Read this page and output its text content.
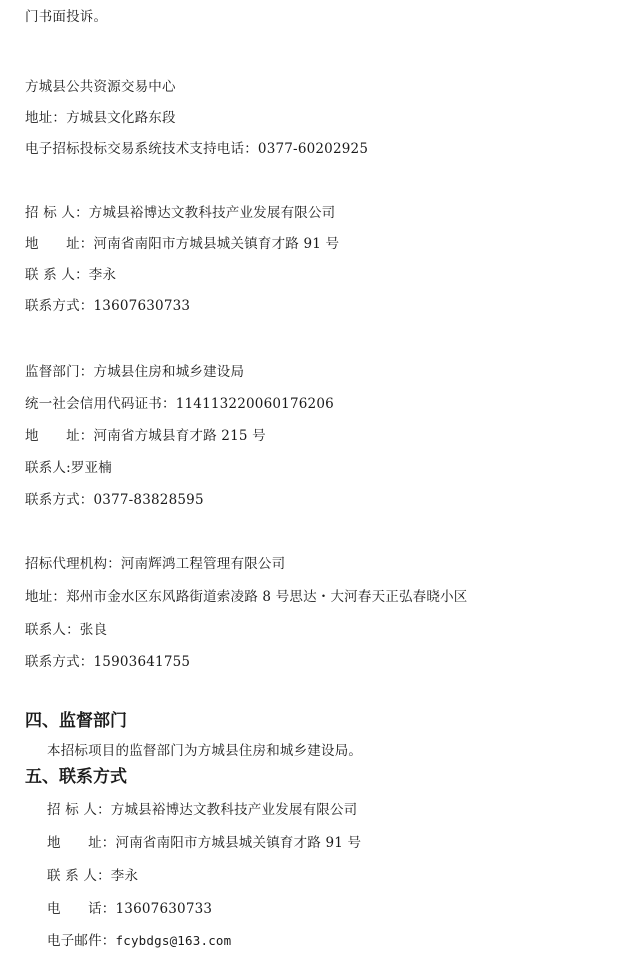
门书面投诉。
方城县公共资源交易中心
地址：方城县文化路东段
电子招标投标交易系统技术支持电话：0377-60202925
招 标 人：方城县裕博达文教科技产业发展有限公司
地　　址：河南省南阳市方城县城关镇育才路 91 号
联 系 人：李永
联系方式：13607630733
监督部门：方城县住房和城乡建设局
统一社会信用代码证书：114113220060176206
地　　址：河南省方城县育才路 215 号
联系人:罗亚楠
联系方式：0377-83828595
招标代理机构：河南辉鸿工程管理有限公司
地址：郑州市金水区东风路街道索凌路 8 号思达・大河春天正弘春晓小区
联系人：张良
联系方式：15903641755
四、监督部门
本招标项目的监督部门为方城县住房和城乡建设局。
五、联系方式
招 标 人：方城县裕博达文教科技产业发展有限公司
地　　址：河南省南阳市方城县城关镇育才路 91 号
联 系 人：李永
电　　话：13607630733
电子邮件：fcybdgs@163.com
